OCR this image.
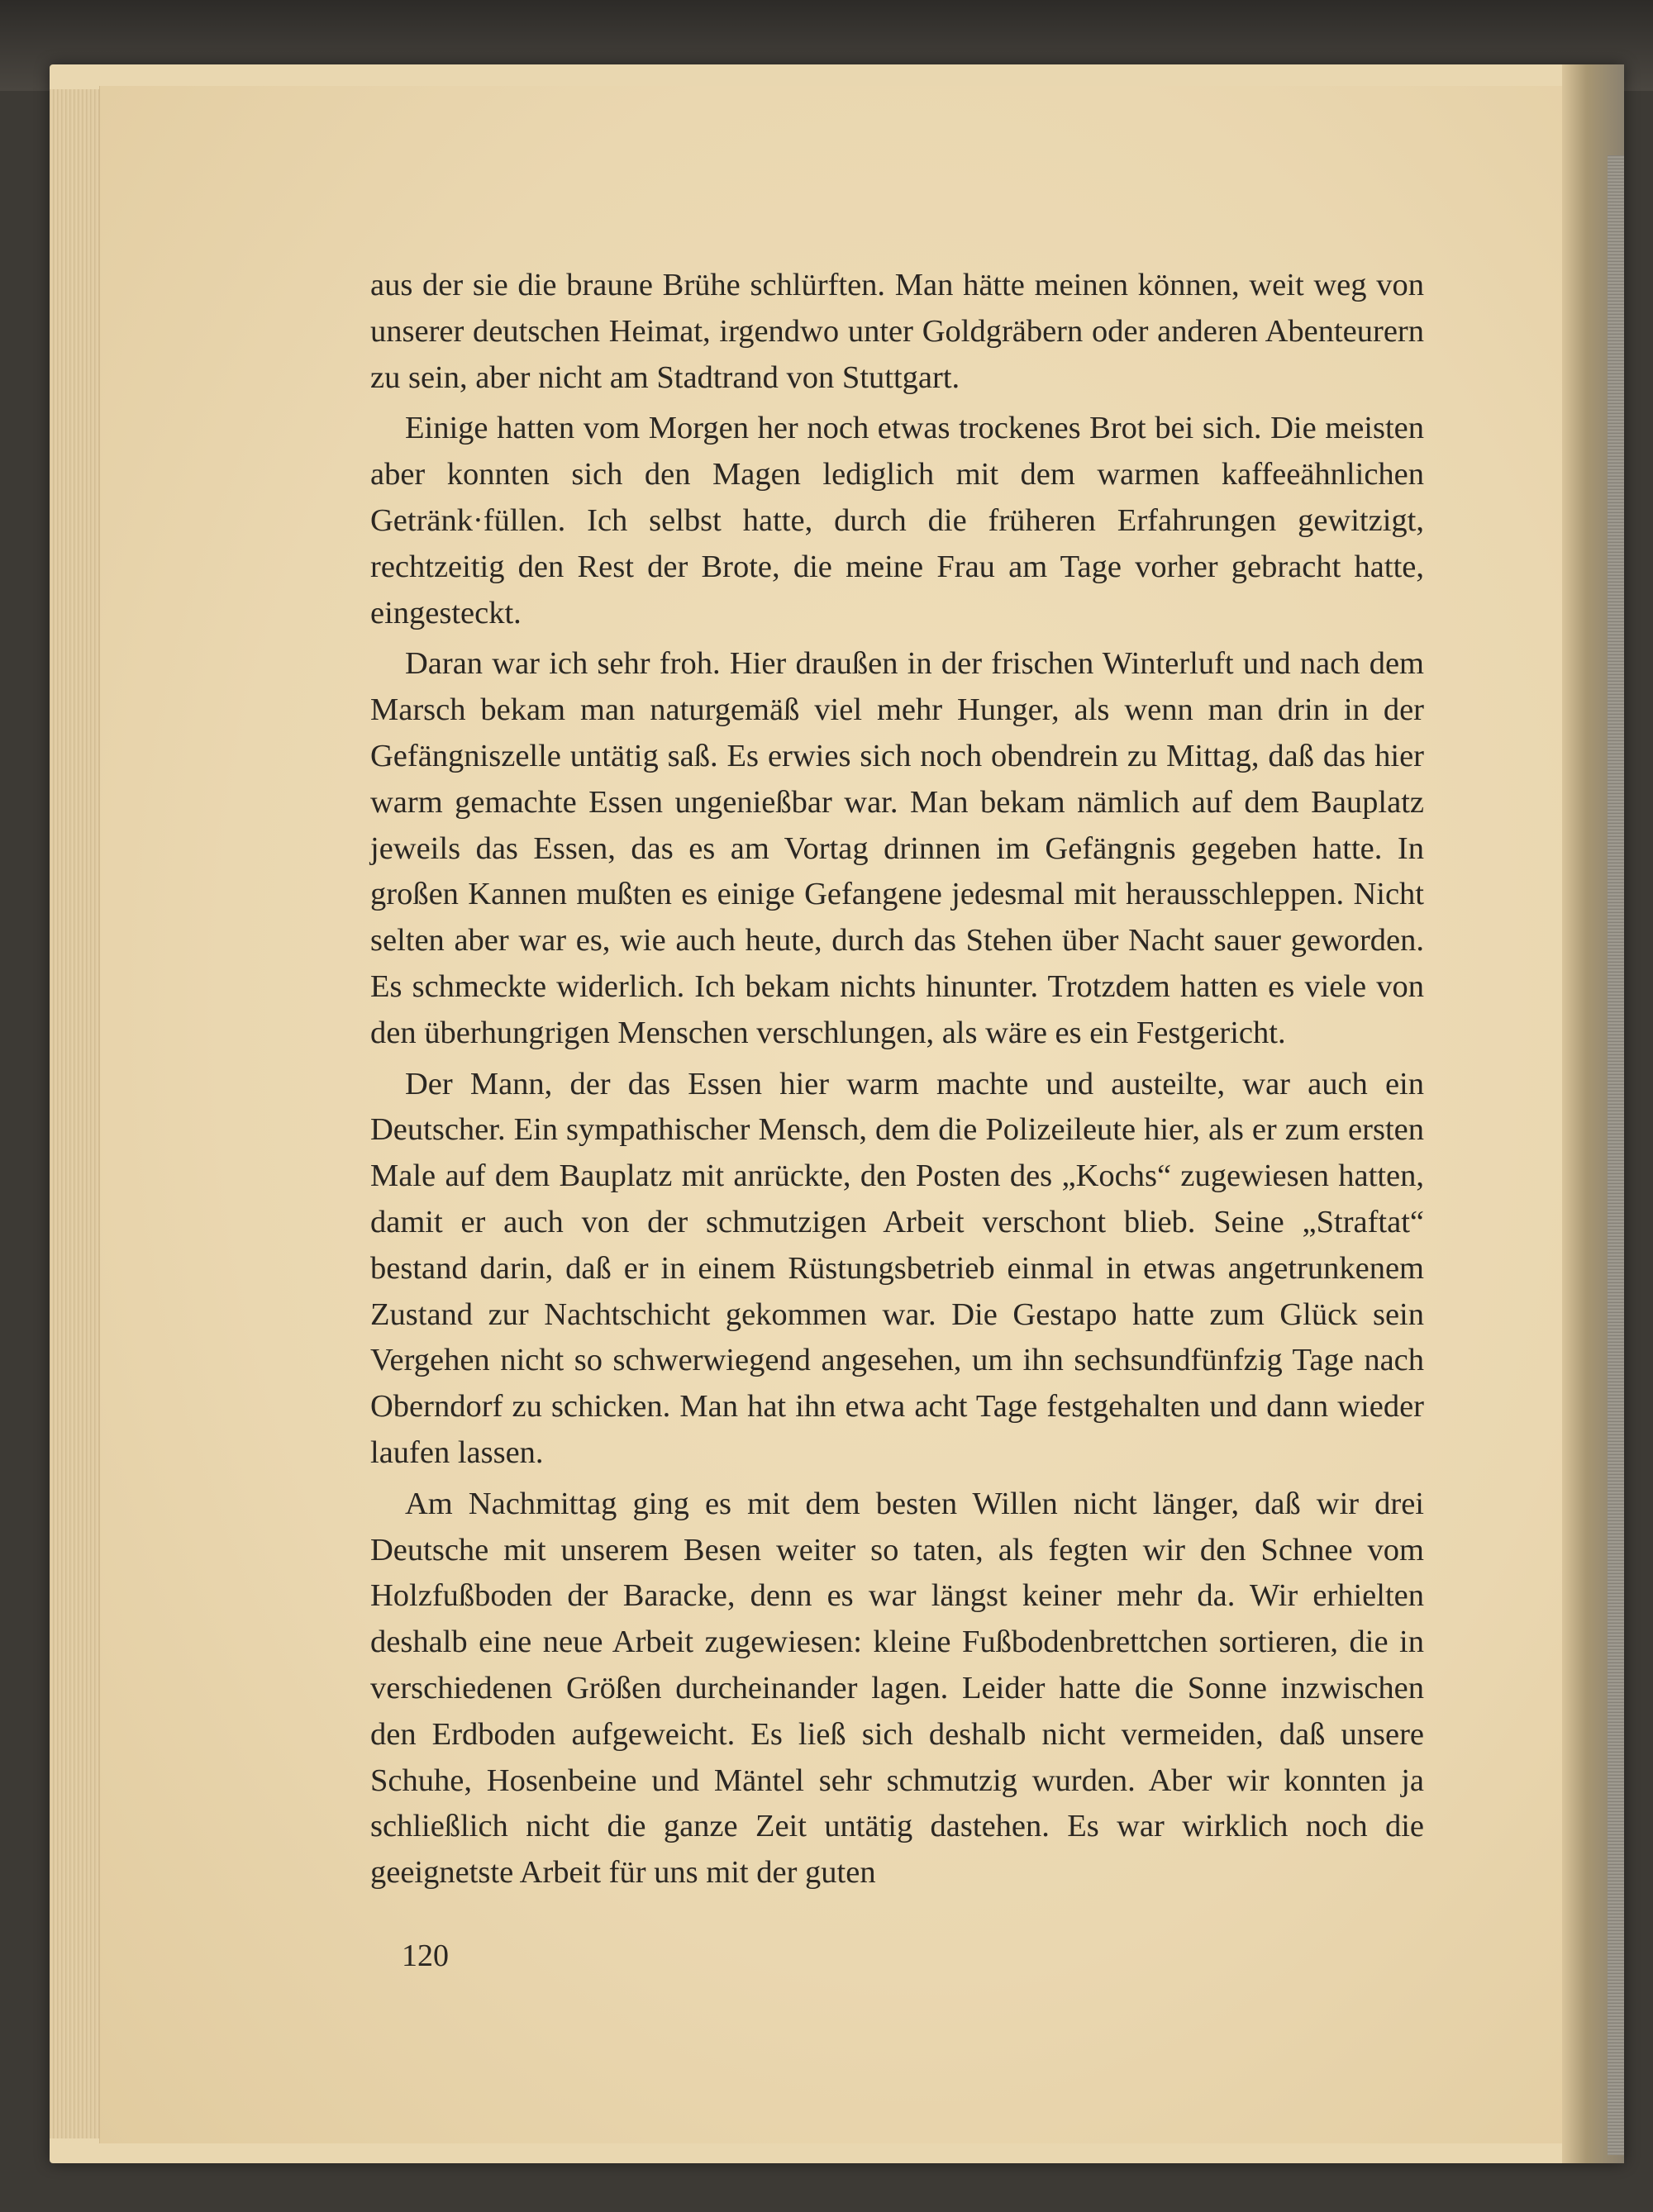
aus der sie die braune Brühe schlürften. Man hätte meinen können, weit weg von unserer deutschen Heimat, irgendwo unter Goldgräbern oder anderen Abenteurern zu sein, aber nicht am Stadtrand von Stuttgart.

Einige hatten vom Morgen her noch etwas trockenes Brot bei sich. Die meisten aber konnten sich den Magen lediglich mit dem warmen kaffeeähnlichen Getränk·füllen. Ich selbst hatte, durch die früheren Erfahrungen gewitzigt, rechtzeitig den Rest der Brote, die meine Frau am Tage vorher gebracht hatte, eingesteckt.

Daran war ich sehr froh. Hier draußen in der frischen Winterluft und nach dem Marsch bekam man naturgemäß viel mehr Hunger, als wenn man drin in der Gefängniszelle untätig saß. Es erwies sich noch obendrein zu Mittag, daß das hier warm gemachte Essen ungenießbar war. Man bekam nämlich auf dem Bauplatz jeweils das Essen, das es am Vortag drinnen im Gefängnis gegeben hatte. In großen Kannen mußten es einige Gefangene jedesmal mit herausschleppen. Nicht selten aber war es, wie auch heute, durch das Stehen über Nacht sauer geworden. Es schmeckte widerlich. Ich bekam nichts hinunter. Trotzdem hatten es viele von den überhungrigen Menschen verschlungen, als wäre es ein Festgericht.

Der Mann, der das Essen hier warm machte und austeilte, war auch ein Deutscher. Ein sympathischer Mensch, dem die Polizeileute hier, als er zum ersten Male auf dem Bauplatz mit anrückte, den Posten des „Kochs“ zugewiesen hatten, damit er auch von der schmutzigen Arbeit verschont blieb. Seine „Straftat“ bestand darin, daß er in einem Rüstungsbetrieb einmal in etwas angetrunkenem Zustand zur Nachtschicht gekommen war. Die Gestapo hatte zum Glück sein Vergehen nicht so schwerwiegend angesehen, um ihn sechsundfünfzig Tage nach Oberndorf zu schicken. Man hat ihn etwa acht Tage festgehalten und dann wieder laufen lassen.

Am Nachmittag ging es mit dem besten Willen nicht länger, daß wir drei Deutsche mit unserem Besen weiter so taten, als fegten wir den Schnee vom Holzfußboden der Baracke, denn es war längst keiner mehr da. Wir erhielten deshalb eine neue Arbeit zugewiesen: kleine Fußbodenbrettchen sortieren, die in verschiedenen Größen durcheinander lagen. Leider hatte die Sonne inzwischen den Erdboden aufgeweicht. Es ließ sich deshalb nicht vermeiden, daß unsere Schuhe, Hosenbeine und Mäntel sehr schmutzig wurden. Aber wir konnten ja schließlich nicht die ganze Zeit untätig dastehen. Es war wirklich noch die geeignetste Arbeit für uns mit der guten

120
